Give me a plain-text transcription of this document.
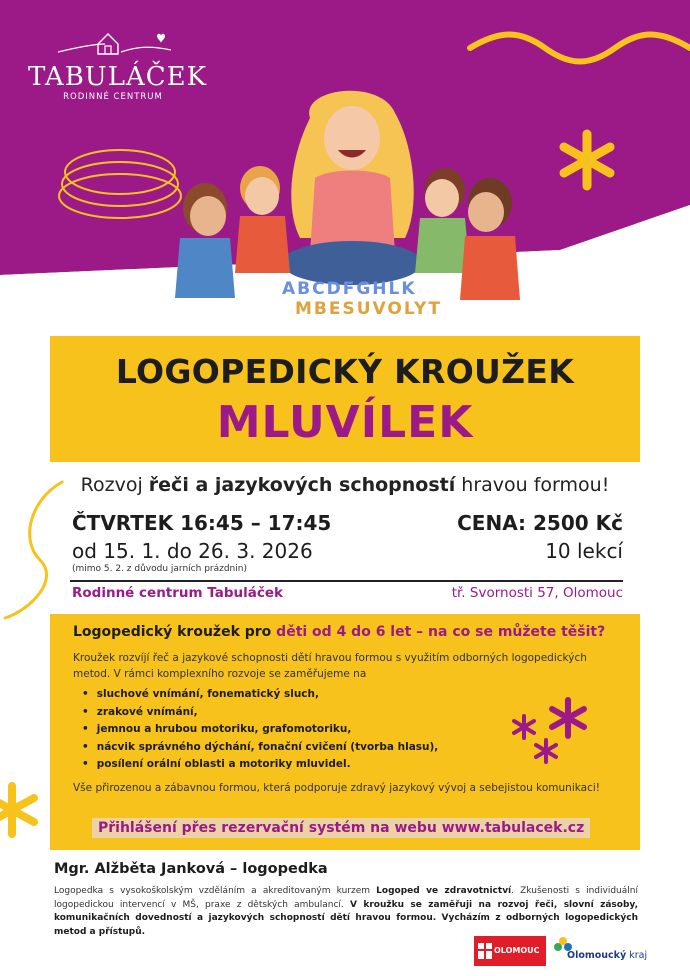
TABULÁČEK
RODINNÉ CENTRUM
ABCDFGHLK
MBESUVOLYT
LOGOPEDICKÝ KROUŽEK
MLUVÍLEK
Rozvoj řeči a jazykových schopností hravou formou!
ČTVRTEK 16:45 – 17:45
od 15. 1. do 26. 3. 2026
(mimo 5. 2. z důvodu jarních prázdnin)
CENA: 2500 Kč
10 lekcí
Rodinné centrum Tabuláček	tř. Svornosti 57, Olomouc
Logopedický kroužek pro děti od 4 do 6 let – na co se můžete těšit?
Kroužek rozvíjí řeč a jazykové schopnosti dětí hravou formou s využitím odborných logopedických metod. V rámci komplexního rozvoje se zaměřujeme na
• sluchové vnímání, fonematický sluch,
• zrakové vnímání,
• jemnou a hrubou motoriku, grafomotoriku,
• nácvik správného dýchání, fonační cvičení (tvorba hlasu),
• posílení orální oblasti a motoriky mluvidel.
Vše přirozenou a zábavnou formou, která podporuje zdravý jazykový vývoj a sebejistou komunikaci!
Přihlášení přes rezervační systém na webu www.tabulacek.cz
Mgr. Alžběta Janková – logopedka
Logopedka s vysokoškolským vzděláním a akreditovaným kurzem Logoped ve zdravotnictví. Zkušenosti s individuální logopedickou intervencí v MŠ, praxe z dětských ambulancí. V kroužku se zaměřuji na rozvoj řeči, slovní zásoby, komunikačních dovedností a jazykových schopností dětí hravou formou. Vycházím z odborných logopedických metod a přístupů.
OLOMOUC	Olomoucký kraj
